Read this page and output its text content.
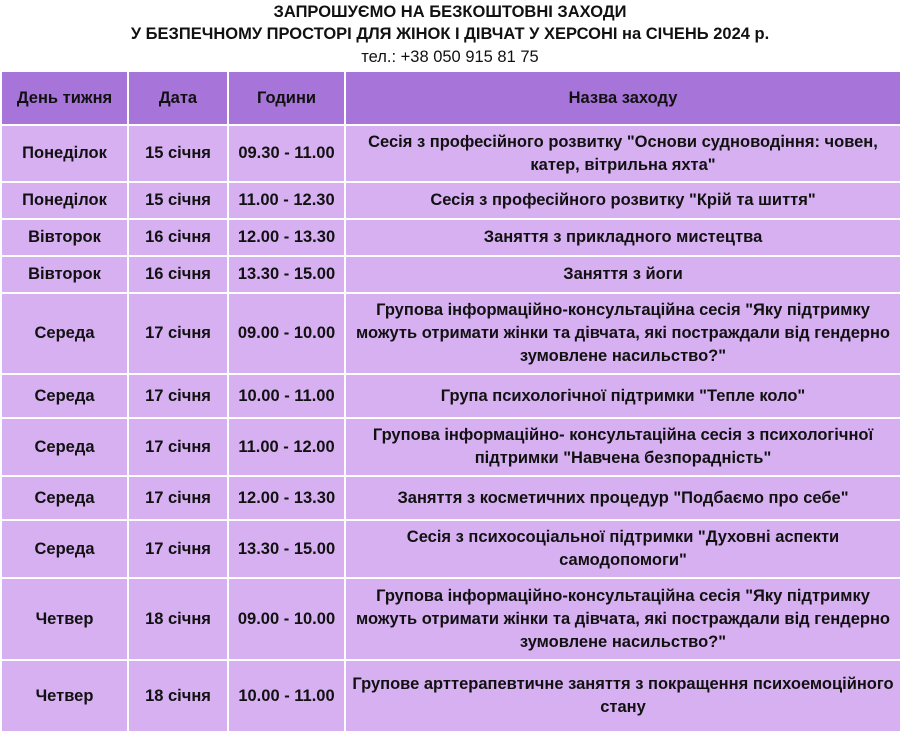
ЗАПРОШУЄМО НА БЕЗКОШТОВНІ ЗАХОДИ
У БЕЗПЕЧНОМУ ПРОСТОРІ ДЛЯ ЖІНОК І ДІВЧАТ У ХЕРСОНІ на СІЧЕНЬ 2024 р.
тел.: +38 050 915 81 75
День тижня	Дата	Години	Назва заходу
Понеділок	15 січня	09.30 - 11.00	Сесія з професійного розвитку "Основи судноводіння: човен, катер, вітрильна яхта"
Понеділок	15 січня	11.00 - 12.30	Сесія з професійного розвитку "Крій та шиття"
Вівторок	16 січня	12.00 - 13.30	Заняття з прикладного мистецтва
Вівторок	16 січня	13.30 - 15.00	Заняття з йоги
Середа	17 січня	09.00 - 10.00	Групова інформаційно-консультаційна сесія "Яку підтримку можуть отримати жінки та дівчата, які постраждали від гендерно зумовлене насильство?"
Середа	17 січня	10.00 - 11.00	Група психологічної підтримки "Тепле коло"
Середа	17 січня	11.00 - 12.00	Групова інформаційно- консультаційна сесія з психологічної підтримки "Навчена безпорадність"
Середа	17 січня	12.00 - 13.30	Заняття з косметичних процедур "Подбаємо про себе"
Середа	17 січня	13.30 - 15.00	Сесія з психосоціальної підтримки "Духовні аспекти самодопомоги"
Четвер	18 січня	09.00 - 10.00	Групова інформаційно-консультаційна сесія "Яку підтримку можуть отримати жінки та дівчата, які постраждали від гендерно зумовлене насильство?"
Четвер	18 січня	10.00 - 11.00	Групове арттерапевтичне заняття з покращення психоемоційного стану
